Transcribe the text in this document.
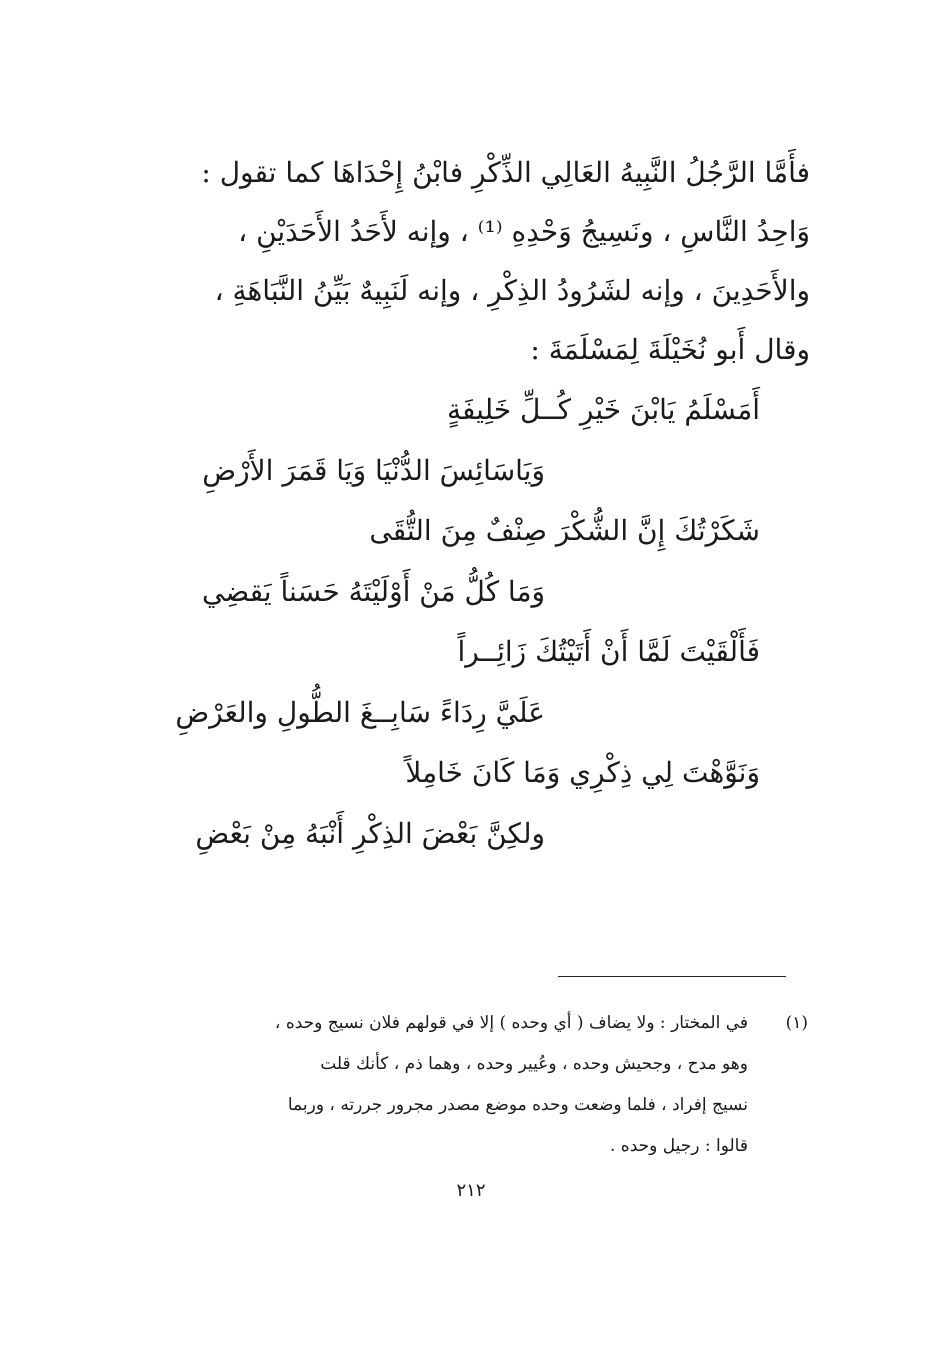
فأَمَّا الرَّجُلُ النَّبِيهُ العَالِي الذِّكْرِ فابْنُ إِحْدَاهَا كما تقول :
وَاحِدُ النَّاسِ ، ونَسِيجُ وَحْدِهِ ⁽¹⁾ ، وإنه لأَحَدُ الأَحَدَيْنِ ،
والأَحَدِينَ ، وإنه لشَرُودُ الذِكْرِ ، وإنه لَنَبِيهٌ بَيِّنُ النَّبَاهَةِ ،
وقال أَبو نُخَيْلَةَ لِمَسْلَمَةَ :
أَمَسْلَمُ يَابْنَ خَيْرِ كُــلِّ خَلِيفَةٍ
وَيَاسَائِسَ الدُّنْيَا وَيَا قَمَرَ الأَرْضِ
شَكَرْتُكَ إِنَّ الشُّكْرَ صِنْفٌ مِنَ التُّقَى
وَمَا كُلُّ مَنْ أَوْلَيْتَهُ حَسَناً يَقضِي
فَأَلْقَيْتَ لَمَّا أَنْ أَتَيْتُكَ زَائِــراً
عَلَيَّ رِدَاءً سَابِــغَ الطُّولِ والعَرْضِ
وَنَوَّهْتَ لِي ذِكْرِي وَمَا كَانَ خَامِلاً
ولكِنَّ بَعْضَ الذِكْرِ أَنْبَهُ مِنْ بَعْضِ
(١)في المختار : ولا يضاف ( أي وحده ) إلا في قولهم فلان نسيج وحده ،
وهو مدح ، وجحيش وحده ، وعُيير وحده ، وهما ذم ، كأنك قلت
نسيج إفراد ، فلما وضعت وحده موضع مصدر مجرور جررته ، وربما
قالوا : رجيل وحده .
٢١٢
